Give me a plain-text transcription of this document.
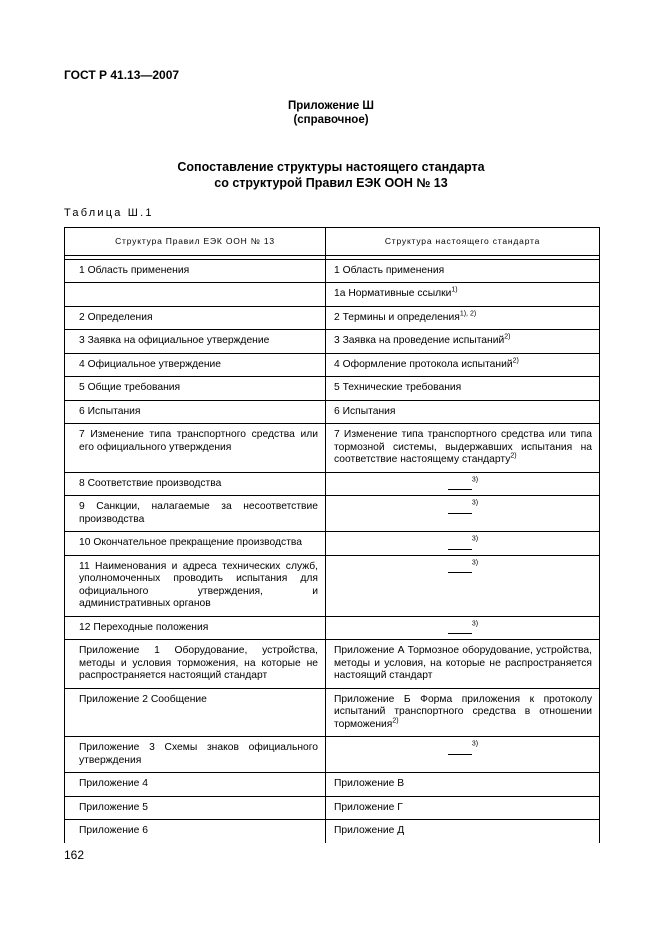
ГОСТ Р 41.13—2007
Приложение Ш
(справочное)
Сопоставление структуры настоящего стандарта
со структурой Правил ЕЭК ООН № 13
Таблица Ш.1
Структура Правил ЕЭК ООН № 13	Структура настоящего стандарта

1 Область применения	1 Область применения
	1а Нормативные ссылки$^{1)}$
2 Определения	2 Термины и определения$^{1), 2)}$
3 Заявка на официальное утверждение	3 Заявка на проведение испытаний$^{2)}$
4 Официальное утверждение	4 Оформление протокола испытаний$^{2)}$
5 Общие требования	5 Технические требования
6 Испытания	6 Испытания
7 Изменение типа транспортного средства или его официального утверждения	7 Изменение типа транспортного средства или типа тормозной системы, выдержавших испытания на соответствие настоящему стандарту$^{2)}$
8 Соответствие производства	$^{3)}$

9 Санкции, налагаемые за несоответствие производства	$^{3)}$

10 Окончательное прекращение производства	$^{3)}$

11 Наименования и адреса технических служб, уполномоченных проводить испытания для официального утверждения, и административных органов	$^{3)}$

12 Переходные положения	$^{3)}$

Приложение 1 Оборудование, устройства, методы и условия торможения, на которые не распространяется настоящий стандарт	Приложение А Тормозное оборудование, устройства, методы и условия, на которые не распространяется настоящий стандарт
Приложение 2 Сообщение	Приложение Б Форма приложения к протоколу испытаний транспортного средства в отношении торможения$^{2)}$
Приложение 3 Схемы знаков официального утверждения	$^{3)}$

Приложение 4	Приложение В
Приложение 5	Приложение Г
Приложение 6	Приложение Д
162
